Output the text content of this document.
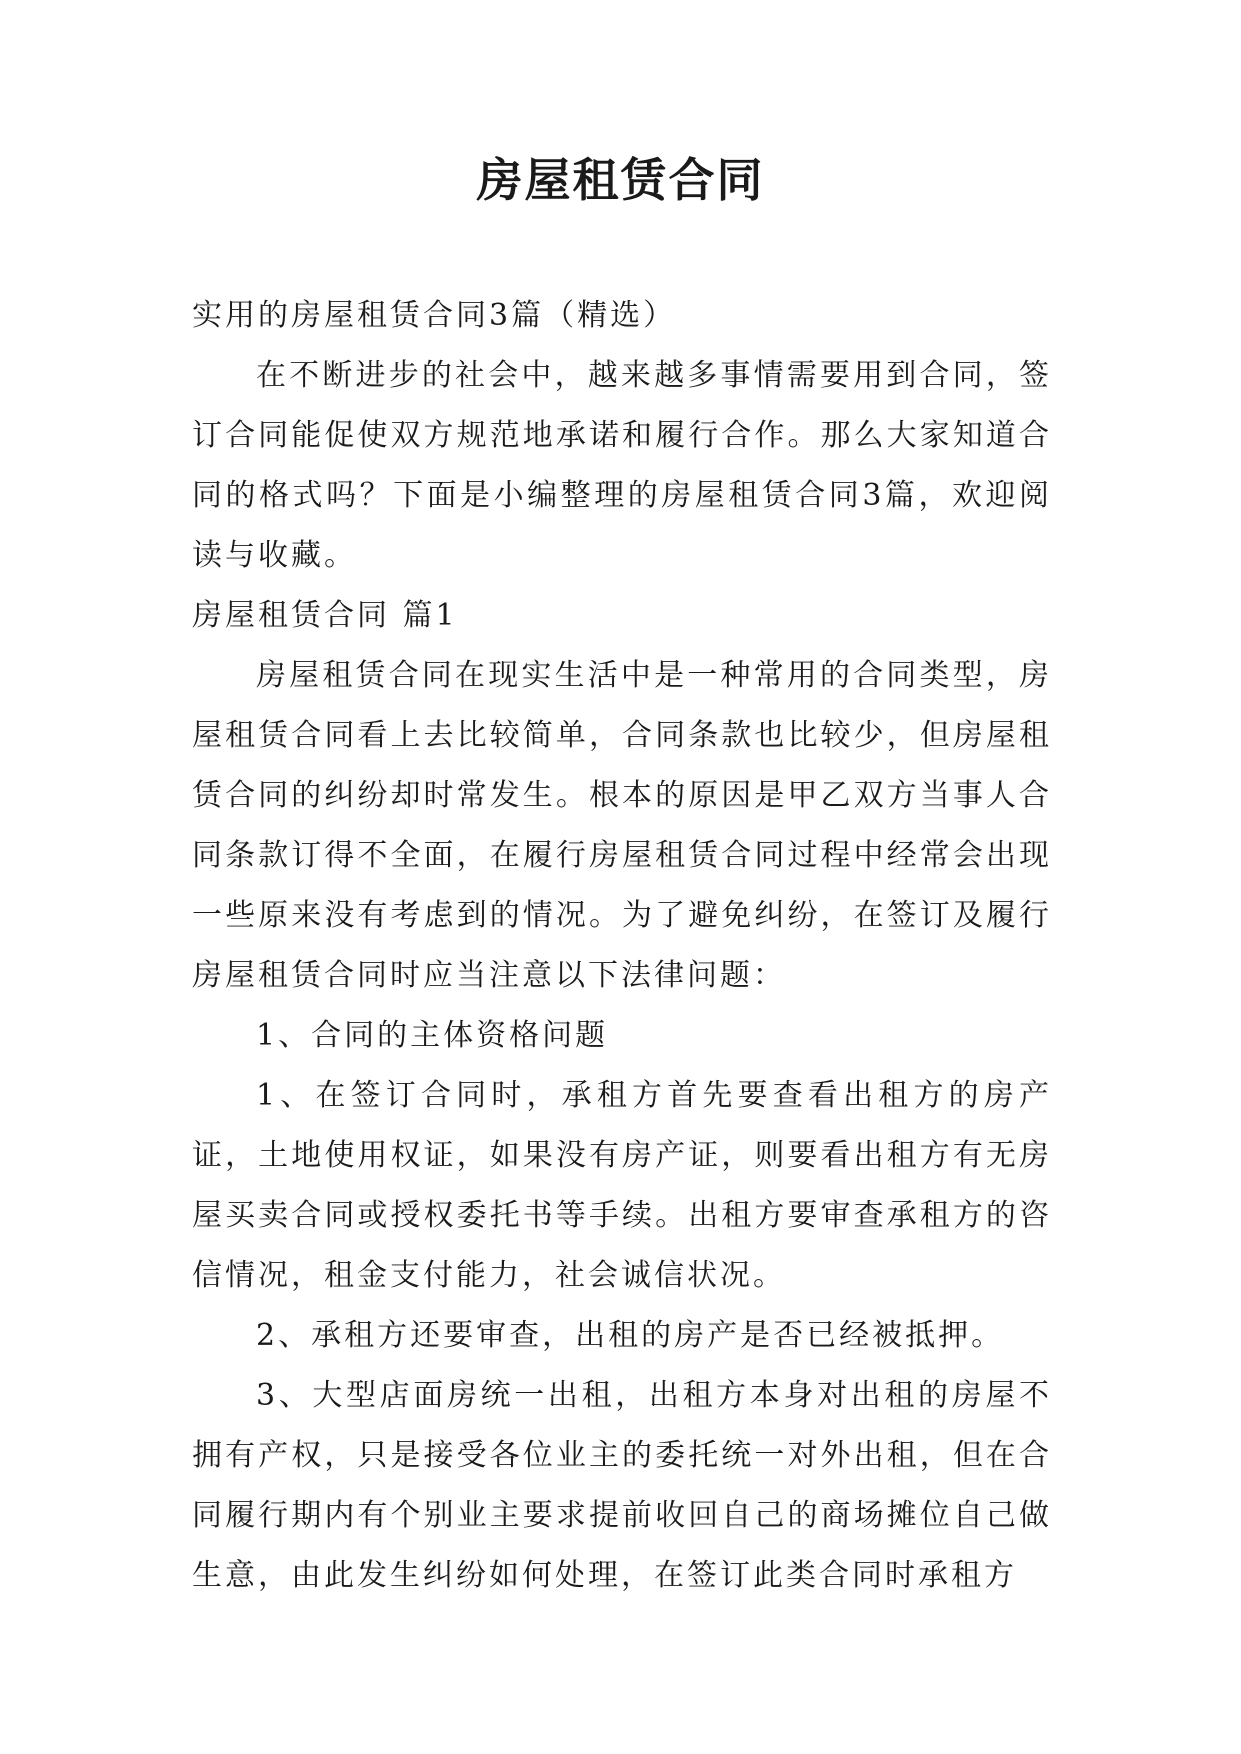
房屋租赁合同

实用的房屋租赁合同3篇（精选）

在不断进步的社会中，越来越多事情需要用到合同，签订合同能促使双方规范地承诺和履行合作。那么大家知道合同的格式吗？下面是小编整理的房屋租赁合同3篇，欢迎阅读与收藏。

房屋租赁合同 篇1

房屋租赁合同在现实生活中是一种常用的合同类型，房屋租赁合同看上去比较简单，合同条款也比较少，但房屋租赁合同的纠纷却时常发生。根本的原因是甲乙双方当事人合同条款订得不全面，在履行房屋租赁合同过程中经常会出现一些原来没有考虑到的情况。为了避免纠纷，在签订及履行房屋租赁合同时应当注意以下法律问题：

1、合同的主体资格问题

1、在签订合同时，承租方首先要查看出租方的房产证，土地使用权证，如果没有房产证，则要看出租方有无房屋买卖合同或授权委托书等手续。出租方要审查承租方的咨信情况，租金支付能力，社会诚信状况。

2、承租方还要审查，出租的房产是否已经被抵押。

3、大型店面房统一出租，出租方本身对出租的房屋不拥有产权，只是接受各位业主的委托统一对外出租，但在合同履行期内有个别业主要求提前收回自己的商场摊位自己做生意，由此发生纠纷如何处理，在签订此类合同时承租方
